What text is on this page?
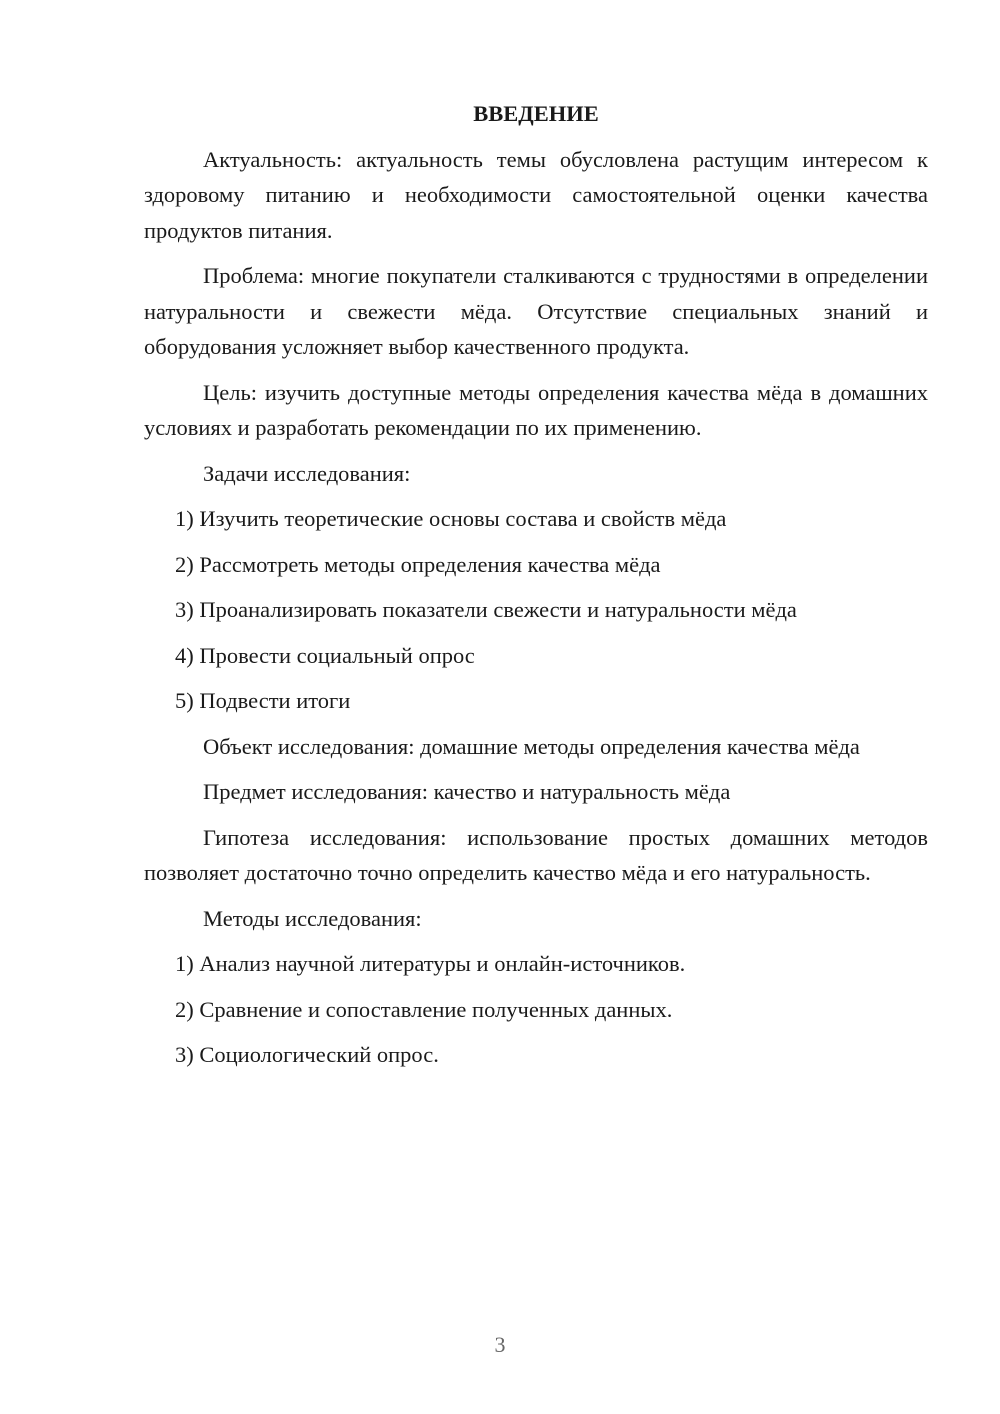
ВВЕДЕНИЕ

Актуальность: актуальность темы обусловлена растущим интересом к здоровому питанию и необходимости самостоятельной оценки качества продуктов питания.

Проблема: многие покупатели сталкиваются с трудностями в определении натуральности и свежести мёда. Отсутствие специальных знаний и оборудования усложняет выбор качественного продукта.

Цель: изучить доступные методы определения качества мёда в домашних условиях и разработать рекомендации по их применению.

Задачи исследования:

1) Изучить теоретические основы состава и свойств мёда
2) Рассмотреть методы определения качества мёда
3) Проанализировать показатели свежести и натуральности мёда
4) Провести социальный опрос
5) Подвести итоги

Объект исследования: домашние методы определения качества мёда

Предмет исследования: качество и натуральность мёда

Гипотеза исследования: использование простых домашних методов позволяет достаточно точно определить качество мёда и его натуральность.

Методы исследования:

1) Анализ научной литературы и онлайн-источников.
2) Сравнение и сопоставление полученных данных.
3) Социологический опрос.
3
